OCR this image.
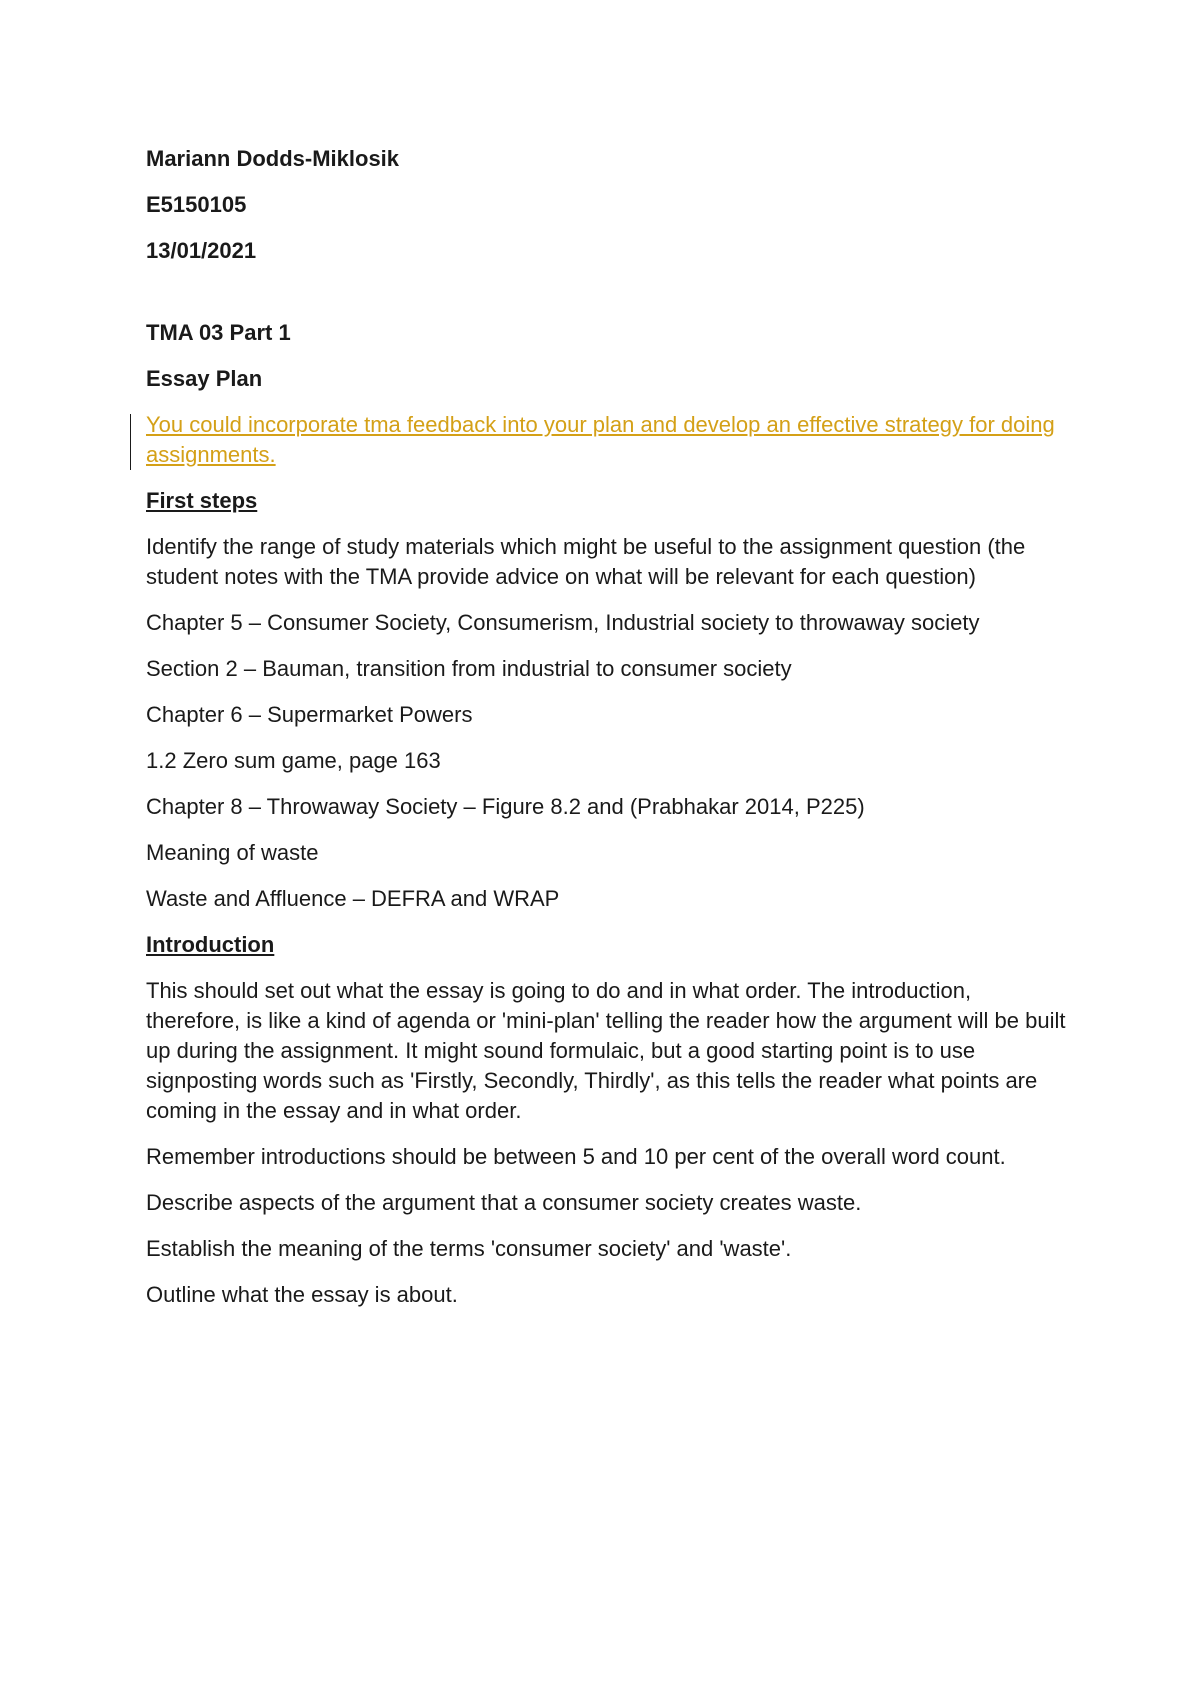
Mariann Dodds-Miklosik

E5150105

13/01/2021

TMA 03 Part 1

Essay Plan

You could incorporate tma feedback into your plan and develop an effective strategy for doing assignments.

First steps

Identify the range of study materials which might be useful to the assignment question (the student notes with the TMA provide advice on what will be relevant for each question)

Chapter 5 – Consumer Society, Consumerism, Industrial society to throwaway society

Section 2 – Bauman, transition from industrial to consumer society

Chapter 6 – Supermarket Powers

1.2 Zero sum game, page 163

Chapter 8 – Throwaway Society – Figure 8.2 and (Prabhakar 2014, P225)

Meaning of waste

Waste and Affluence – DEFRA and WRAP

Introduction

This should set out what the essay is going to do and in what order. The introduction, therefore, is like a kind of agenda or 'mini-plan' telling the reader how the argument will be built up during the assignment. It might sound formulaic, but a good starting point is to use signposting words such as 'Firstly, Secondly, Thirdly', as this tells the reader what points are coming in the essay and in what order.

Remember introductions should be between 5 and 10 per cent of the overall word count.

Describe aspects of the argument that a consumer society creates waste.

Establish the meaning of the terms 'consumer society' and 'waste'.

Outline what the essay is about.
